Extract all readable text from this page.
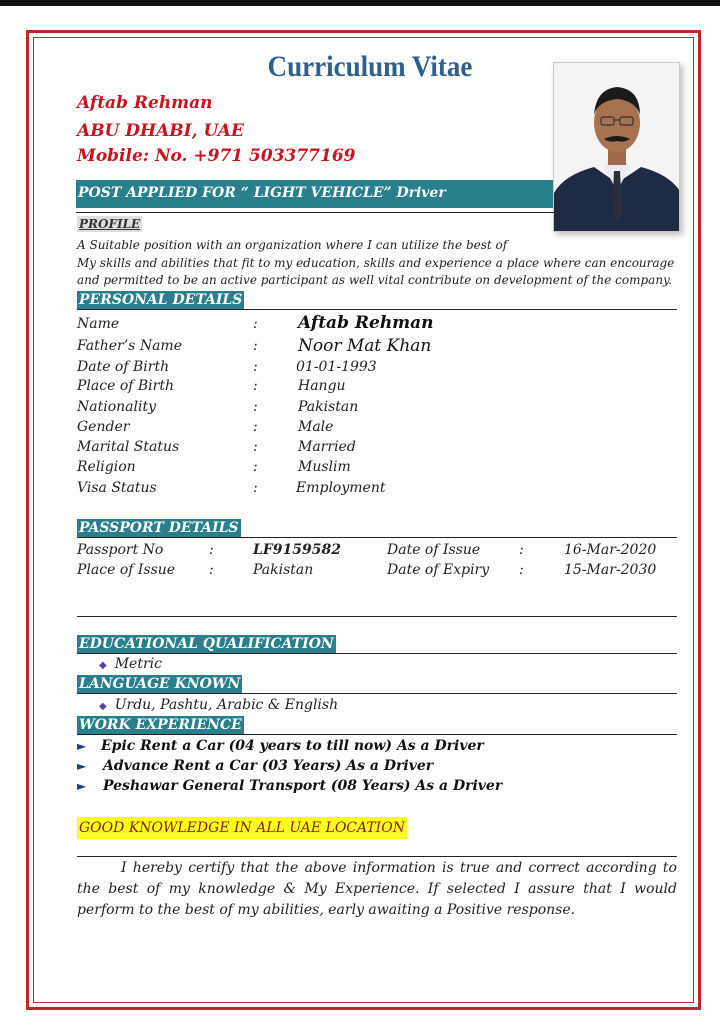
Curriculum Vitae
Aftab Rehman
ABU DHABI, UAE
Mobile: No. +971 503377169
POST APPLIED FOR “ LIGHT VEHICLE” Driver
PROFILE
A Suitable position with an organization where I can utilize the best of
My skills and abilities that fit to my education, skills and experience a place where can encourage
and permitted to be an active participant as well vital contribute on development of the company.
PERSONAL DETAILS
Name	: Aftab Rehman
Father’s Name	: Noor Mat Khan
Date of Birth	:	01-01-1993
Place of Birth	:	Hangu
Nationality	:	Pakistan
Gender	:	Male
Marital Status	:	Married
Religion	:	Muslim
Visa Status	:	Employment
PASSPORT DETAILS
Passport No	:	LF9159582	Date of Issue	:	16-Mar-2020
Place of Issue :	Pakistan	Date of Expiry :	15-Mar-2030
EDUCATIONAL QUALIFICATION
◆ Metric
LANGUAGE KNOWN
◆ Urdu, Pashtu, Arabic & English
WORK EXPERIENCE
► Epic Rent a Car (04 years to till now) As a Driver
► Advance Rent a Car (03 Years) As a Driver
► Peshawar General Transport (08 Years) As a Driver
GOOD KNOWLEDGE IN ALL UAE LOCATION
I hereby certify that the above information is true and correct according to the best of my knowledge & My Experience. If selected I assure that I would perform to the best of my abilities, early awaiting a Positive response.
